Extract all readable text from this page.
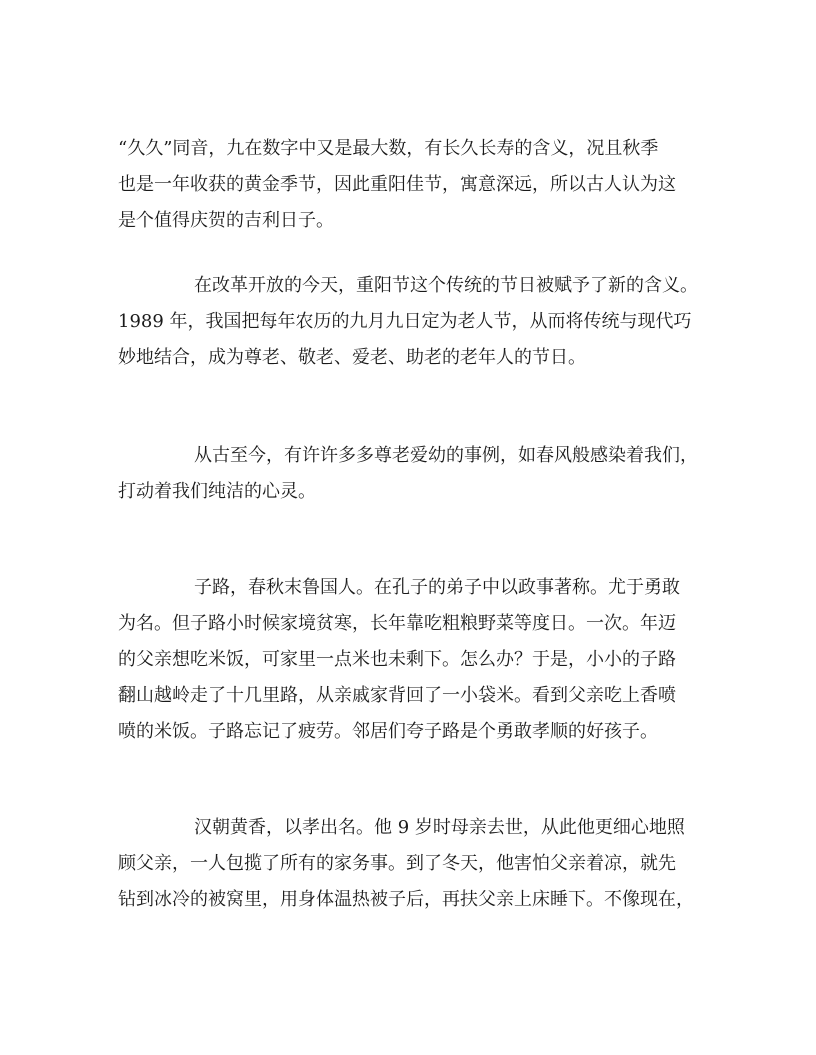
“久久”同音，九在数字中又是最大数，有长久长寿的含义，况且秋季
也是一年收获的黄金季节，因此重阳佳节，寓意深远，所以古人认为这
是个值得庆贺的吉利日子。

在改革开放的今天，重阳节这个传统的节日被赋予了新的含义。
1989 年，我国把每年农历的九月九日定为老人节，从而将传统与现代巧
妙地结合，成为尊老、敬老、爱老、助老的老年人的节日。

从古至今，有许许多多尊老爱幼的事例，如春风般感染着我们，
打动着我们纯洁的心灵。

子路，春秋末鲁国人。在孔子的弟子中以政事著称。尤于勇敢
为名。但子路小时候家境贫寒，长年靠吃粗粮野菜等度日。一次。年迈
的父亲想吃米饭，可家里一点米也未剩下。怎么办？于是，小小的子路
翻山越岭走了十几里路，从亲戚家背回了一小袋米。看到父亲吃上香喷
喷的米饭。子路忘记了疲劳。邻居们夸子路是个勇敢孝顺的好孩子。

汉朝黄香，以孝出名。他 9 岁时母亲去世，从此他更细心地照
顾父亲，一人包揽了所有的家务事。到了冬天，他害怕父亲着凉，就先
钻到冰冷的被窝里，用身体温热被子后，再扶父亲上床睡下。不像现在，
